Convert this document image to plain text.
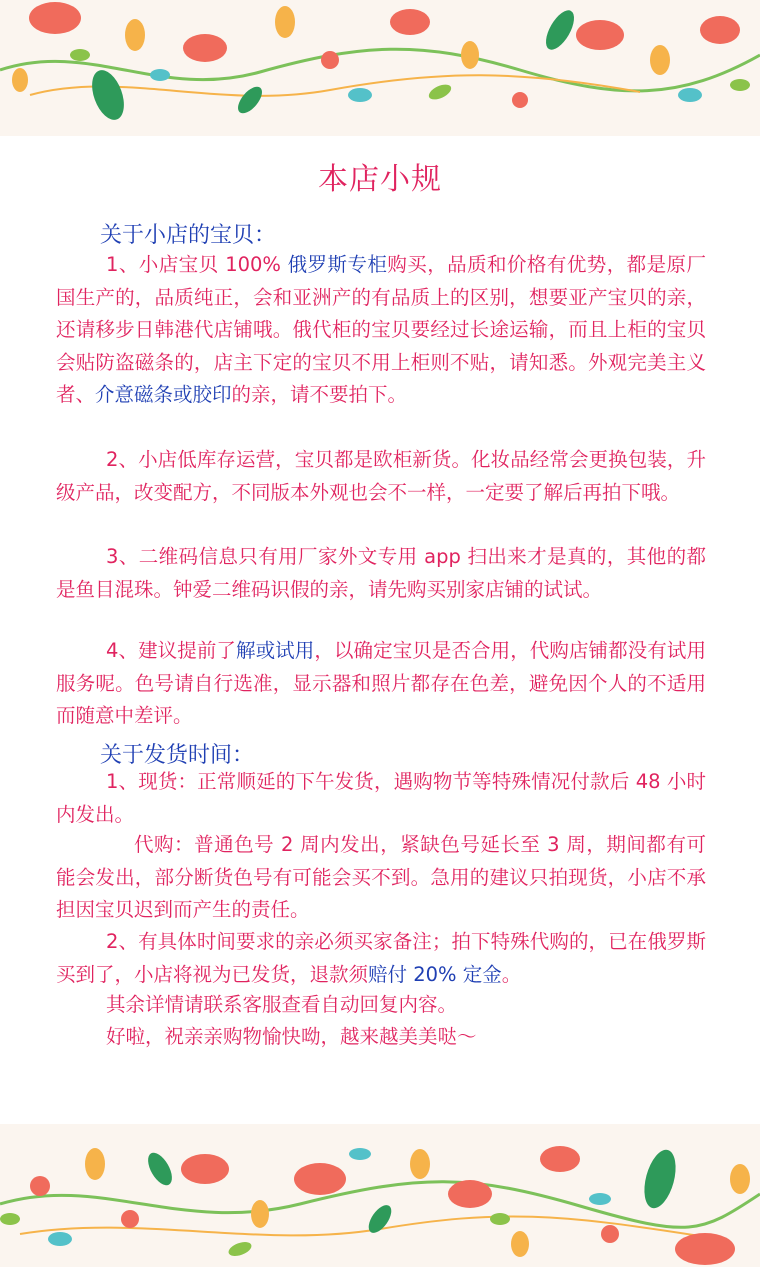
本店小规
关于小店的宝贝：
1、小店宝贝 100% 俄罗斯专柜购买，品质和价格有优势，都是原厂国生产的，品质纯正，会和亚洲产的有品质上的区别，想要亚产宝贝的亲，还请移步日韩港代店铺哦。俄代柜的宝贝要经过长途运输，而且上柜的宝贝会贴防盗磁条的，店主下定的宝贝不用上柜则不贴，请知悉。外观完美主义者、介意磁条或胶印的亲，请不要拍下。
2、小店低库存运营，宝贝都是欧柜新货。化妆品经常会更换包装，升级产品，改变配方，不同版本外观也会不一样，一定要了解后再拍下哦。
3、二维码信息只有用厂家外文专用 app 扫出来才是真的，其他的都是鱼目混珠。钟爱二维码识假的亲，请先购买别家店铺的试试。
4、建议提前了解或试用，以确定宝贝是否合用，代购店铺都没有试用服务呢。色号请自行选准，显示器和照片都存在色差，避免因个人的不适用而随意中差评。
关于发货时间：
1、现货：正常顺延的下午发货，遇购物节等特殊情况付款后 48 小时内发出。
代购：普通色号 2 周内发出，紧缺色号延长至 3 周，期间都有可能会发出，部分断货色号有可能会买不到。急用的建议只拍现货，小店不承担因宝贝迟到而产生的责任。
2、有具体时间要求的亲必须买家备注；拍下特殊代购的，已在俄罗斯买到了，小店将视为已发货，退款须赔付 20% 定金。
其余详情请联系客服查看自动回复内容。
好啦，祝亲亲购物愉快呦，越来越美美哒～
